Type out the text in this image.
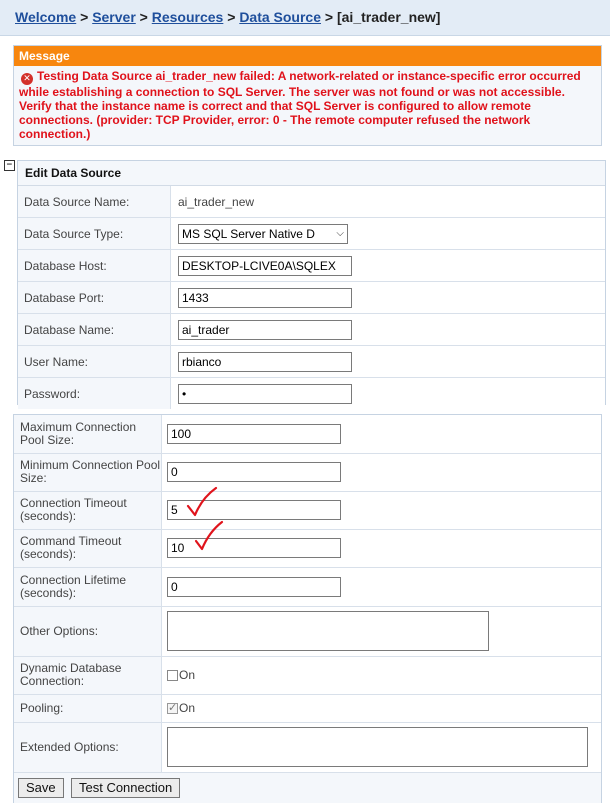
Welcome > Server > Resources > Data Source > [ai_trader_new]
Message
✕ Testing Data Source ai_trader_new failed: A network-related or instance-specific error occurred while establishing a connection to SQL Server. The server was not found or was not accessible. Verify that the instance name is correct and that SQL Server is configured to allow remote connections. (provider: TCP Provider, error: 0 - The remote computer refused the network connection.)
−
Edit Data Source
Data Source Name:	ai_trader_new
Data Source Type:	MS SQL Server Native D ⌵

Database Host:	DESKTOP-LCIVE0A\SQLEX
Database Port:	1433
Database Name:	ai_trader
User Name:	rbianco
Password:	•
Maximum Connection Pool Size:	100
Minimum Connection Pool Size:	0
Connection Timeout (seconds):	5

Command Timeout (seconds):	10

Connection Lifetime (seconds):	0
Other Options:	

Dynamic Database Connection:	On
Pooling:	✓On
Extended Options:	

Save Test Connection	
